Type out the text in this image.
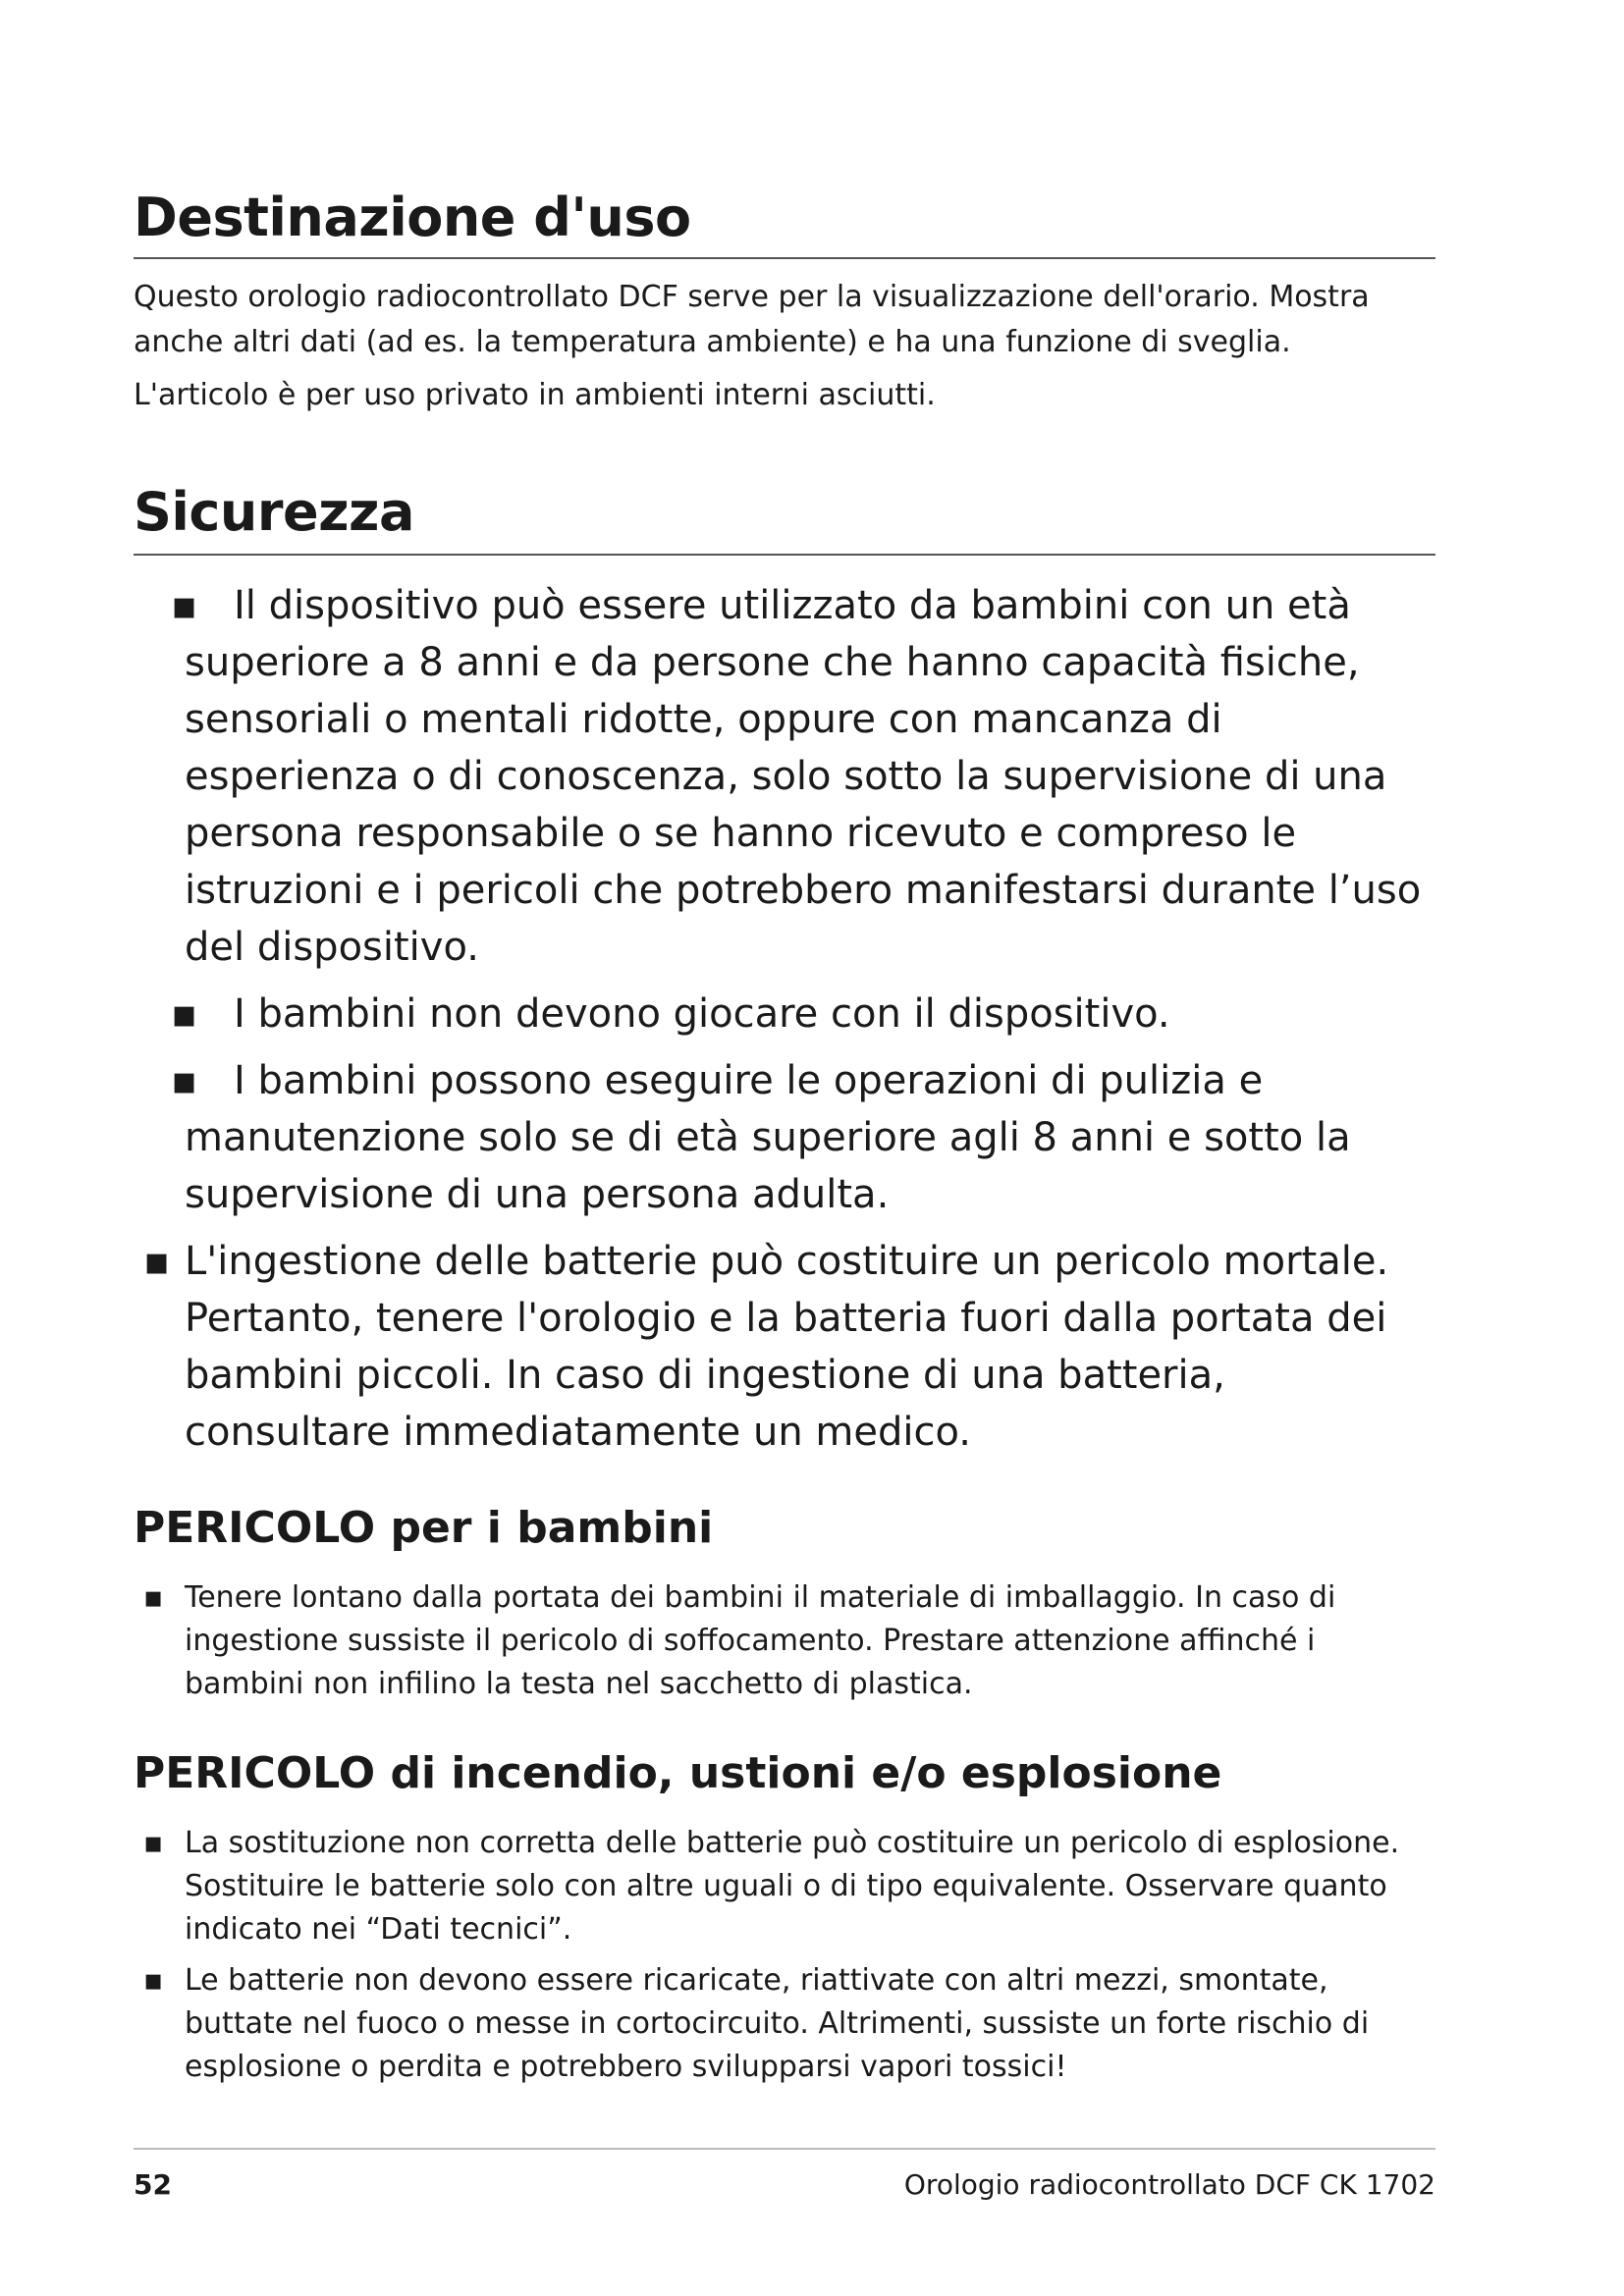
Destinazione d'uso

Questo orologio radiocontrollato DCF serve per la visualizzazione dell'orario. Mostra anche altri dati (ad es. la temperatura ambiente) e ha una funzione di sveglia.

L'articolo è per uso privato in ambienti interni asciutti.

Sicurezza
▪ Il dispositivo può essere utilizzato da bambini con un età superiore a 8 anni e da persone che hanno capacità fisiche, sensoriali o mentali ridotte, oppure con mancanza di esperienza o di conoscenza, solo sotto la supervisione di una persona responsabile o se hanno ricevuto e compreso le istruzioni e i pericoli che potrebbero manifestarsi durante l’uso del dispositivo.
▪ I bambini non devono giocare con il dispositivo.
▪ I bambini possono eseguire le operazioni di pulizia e manutenzione solo se di età superiore agli 8 anni e sotto la supervisione di una persona adulta.
▪ L'ingestione delle batterie può costituire un pericolo mortale. Pertanto, tenere l'orologio e la batteria fuori dalla portata dei bambini piccoli. In caso di ingestione di una batteria, consultare immediatamente un medico.
PERICOLO per i bambini
▪ Tenere lontano dalla portata dei bambini il materiale di imballaggio. In caso di ingestione sussiste il pericolo di soffocamento. Prestare attenzione affinché i bambini non infilino la testa nel sacchetto di plastica.
PERICOLO di incendio, ustioni e/o esplosione
▪ La sostituzione non corretta delle batterie può costituire un pericolo di esplosione. Sostituire le batterie solo con altre uguali o di tipo equivalente. Osservare quanto indicato nei “Dati tecnici”.
▪ Le batterie non devono essere ricaricate, riattivate con altri mezzi, smontate, buttate nel fuoco o messe in cortocircuito. Altrimenti, sussiste un forte rischio di esplosione o perdita e potrebbero svilupparsi vapori tossici!
52	Orologio radiocontrollato DCF CK 1702
